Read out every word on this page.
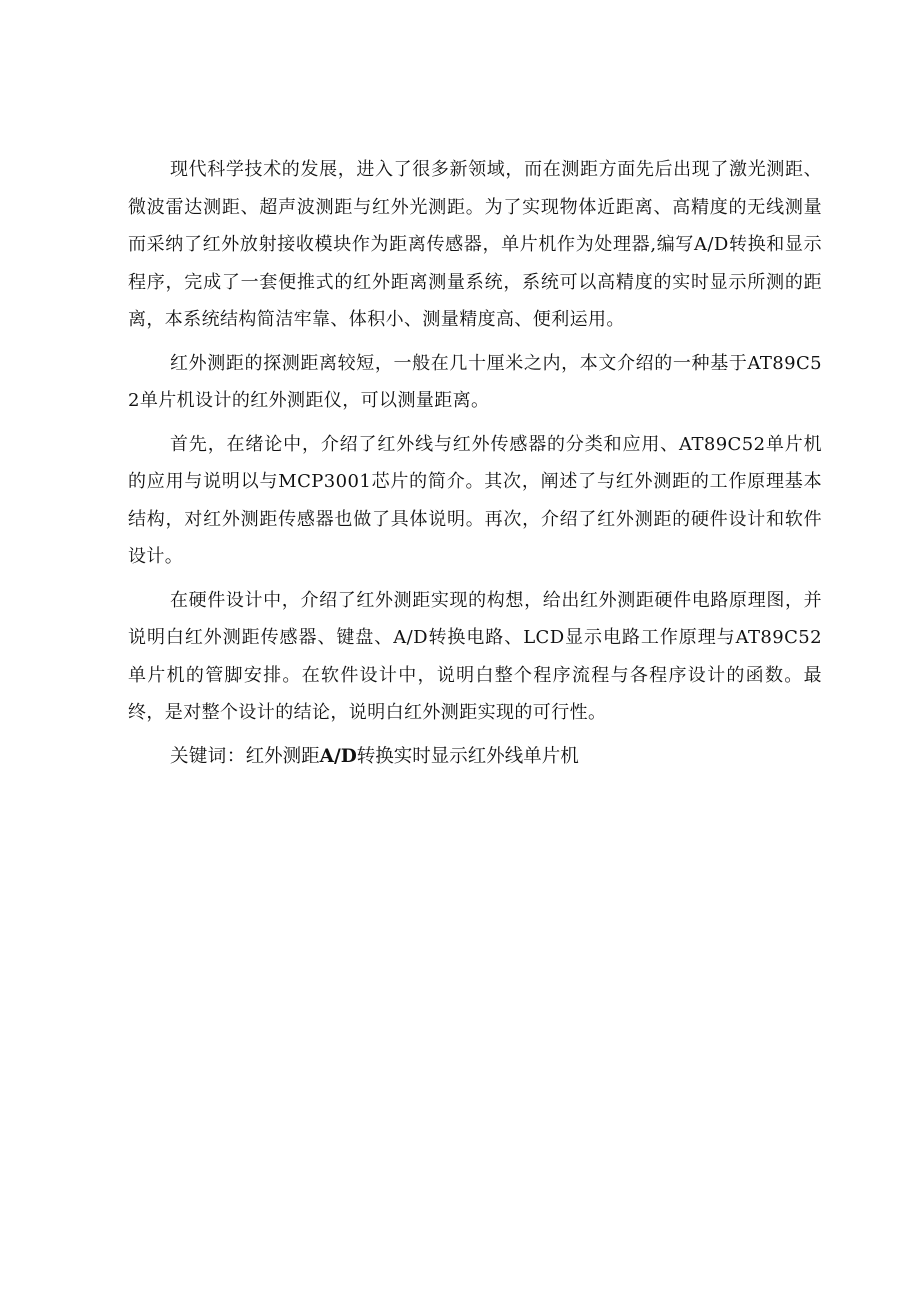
现代科学技术的发展，进入了很多新领域，而在测距方面先后出现了激光测距、微波雷达测距、超声波测距与红外光测距。为了实现物体近距离、高精度的无线测量而采纳了红外放射接收模块作为距离传感器，单片机作为处理器,编写A/D转换和显示程序，完成了一套便推式的红外距离测量系统，系统可以高精度的实时显示所测的距离，本系统结构简洁牢靠、体积小、测量精度高、便利运用。

红外测距的探测距离较短，一般在几十厘米之内，本文介绍的一种基于AT89C52单片机设计的红外测距仪，可以测量距离。

首先，在绪论中，介绍了红外线与红外传感器的分类和应用、AT89C52单片机的应用与说明以与MCP3001芯片的简介。其次，阐述了与红外测距的工作原理基本结构，对红外测距传感器也做了具体说明。再次，介绍了红外测距的硬件设计和软件设计。

在硬件设计中，介绍了红外测距实现的构想，给出红外测距硬件电路原理图，并说明白红外测距传感器、键盘、A/D转换电路、LCD显示电路工作原理与AT89C52单片机的管脚安排。在软件设计中，说明白整个程序流程与各程序设计的函数。最终，是对整个设计的结论，说明白红外测距实现的可行性。

关键词：红外测距A/D转换实时显示红外线单片机
